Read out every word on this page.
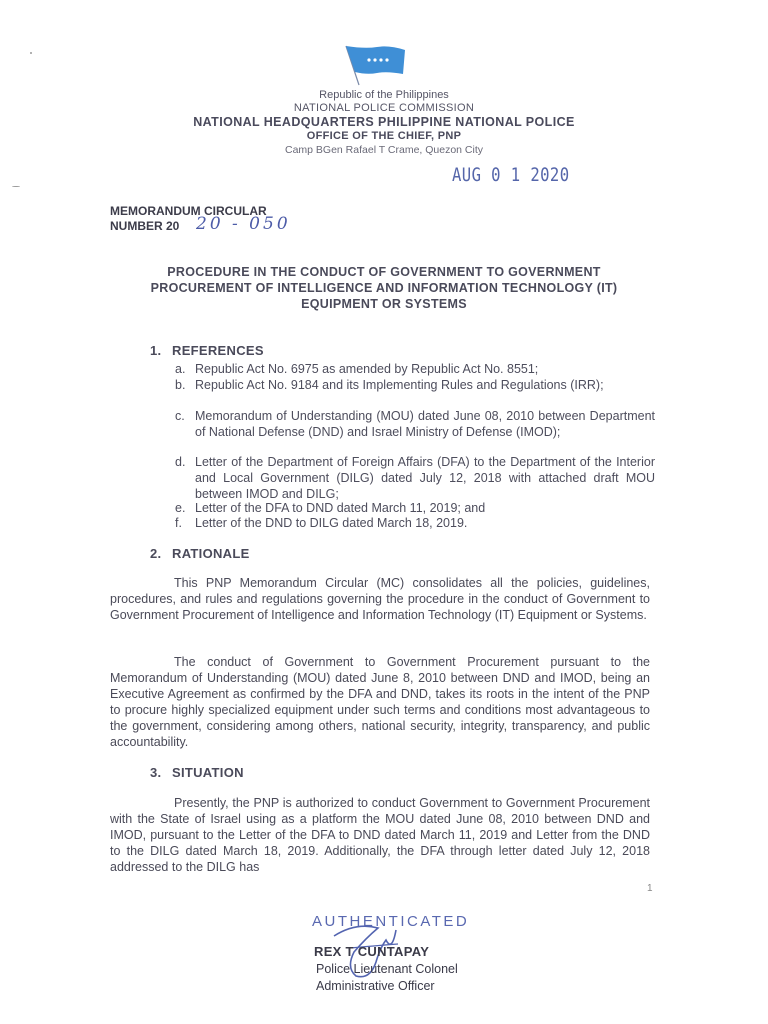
Republic of the Philippines
NATIONAL POLICE COMMISSION
NATIONAL HEADQUARTERS PHILIPPINE NATIONAL POLICE
OFFICE OF THE CHIEF, PNP
Camp BGen Rafael T Crame, Quezon City
AUG 0 1 2020
MEMORANDUM CIRCULAR
NUMBER 20 20 - 050
PROCEDURE IN THE CONDUCT OF GOVERNMENT TO GOVERNMENT
PROCUREMENT OF INTELLIGENCE AND INFORMATION TECHNOLOGY (IT)
EQUIPMENT OR SYSTEMS
1. REFERENCES
a. Republic Act No. 6975 as amended by Republic Act No. 8551;
b. Republic Act No. 9184 and its Implementing Rules and Regulations (IRR);
c. Memorandum of Understanding (MOU) dated June 08, 2010 between Department of National Defense (DND) and Israel Ministry of Defense (IMOD);
d. Letter of the Department of Foreign Affairs (DFA) to the Department of the Interior and Local Government (DILG) dated July 12, 2018 with attached draft MOU between IMOD and DILG;
e. Letter of the DFA to DND dated March 11, 2019; and
f. Letter of the DND to DILG dated March 18, 2019.
2. RATIONALE
This PNP Memorandum Circular (MC) consolidates all the policies, guidelines, procedures, and rules and regulations governing the procedure in the conduct of Government to Government Procurement of Intelligence and Information Technology (IT) Equipment or Systems.
The conduct of Government to Government Procurement pursuant to the Memorandum of Understanding (MOU) dated June 8, 2010 between DND and IMOD, being an Executive Agreement as confirmed by the DFA and DND, takes its roots in the intent of the PNP to procure highly specialized equipment under such terms and conditions most advantageous to the government, considering among others, national security, integrity, transparency, and public accountability.
3. SITUATION
Presently, the PNP is authorized to conduct Government to Government Procurement with the State of Israel using as a platform the MOU dated June 08, 2010 between DND and IMOD, pursuant to the Letter of the DFA to DND dated March 11, 2019 and Letter from the DND to the DILG dated March 18, 2019. Additionally, the DFA through letter dated July 12, 2018 addressed to the DILG has
1
AUTHENTICATED
REX T CUNTAPAY
Police Lieutenant Colonel
Administrative Officer
